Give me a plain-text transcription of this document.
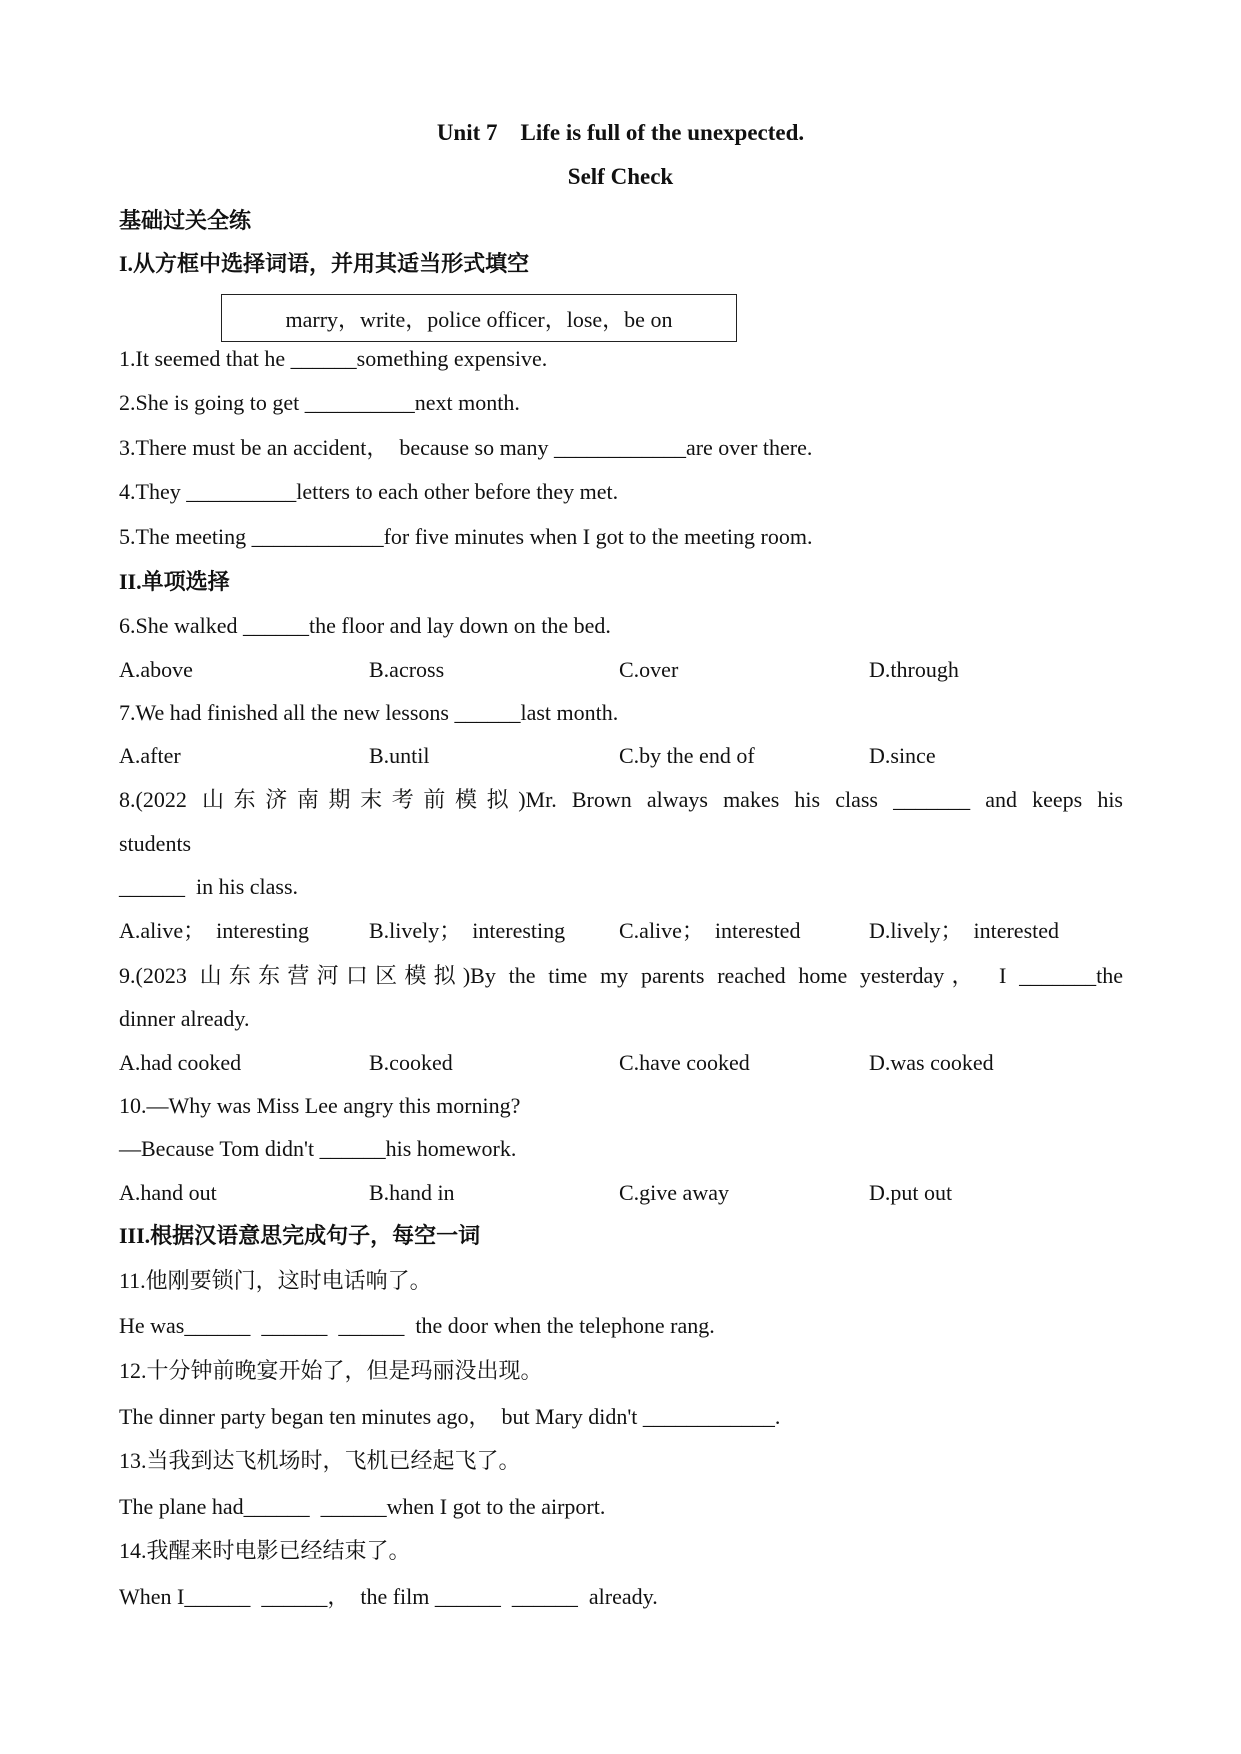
Unit 7　Life is full of the unexpected.
Self Check
基础过关全练
I.从方框中选择词语，并用其适当形式填空
marry，write，police officer，lose，be on
1.It seemed that he ______something expensive.
2.She is going to get __________next month.
3.There must be an accident，　because so many ____________are over there.
4.They __________letters to each other before they met.
5.The meeting ____________for five minutes when I got to the meeting room.
II.单项选择
6.She walked ______the floor and lay down on the bed.
A.above	B.across	C.over	D.through
7.We had finished all the new lessons ______last month.
A.after	B.until	C.by the end of	D.since
8.(2022 山东济南期末考前模拟)Mr. Brown always makes his class _______ and keeps his
students
______  in his class.
A.alive；　interesting	B.lively；　interesting C.alive；　interested	D.lively；　interested
9.(2023 山东东营河口区模拟)By the time my parents reached home yesterday，　I _______the
dinner already.
A.had cooked	B.cooked	C.have cooked	D.was cooked
10.—Why was Miss Lee angry this morning?
—Because Tom didn't ______his homework.
A.hand out	B.hand in	C.give away	D.put out
III.根据汉语意思完成句子，每空一词
11.他刚要锁门，这时电话响了。
He was______  ______  ______  the door when the telephone rang.
12.十分钟前晚宴开始了，但是玛丽没出现。
The dinner party began ten minutes ago，　but Mary didn't ____________.
13.当我到达飞机场时，飞机已经起飞了。
The plane had______  ______when I got to the airport.
14.我醒来时电影已经结束了。
When I______  ______，　the film ______  ______  already.
